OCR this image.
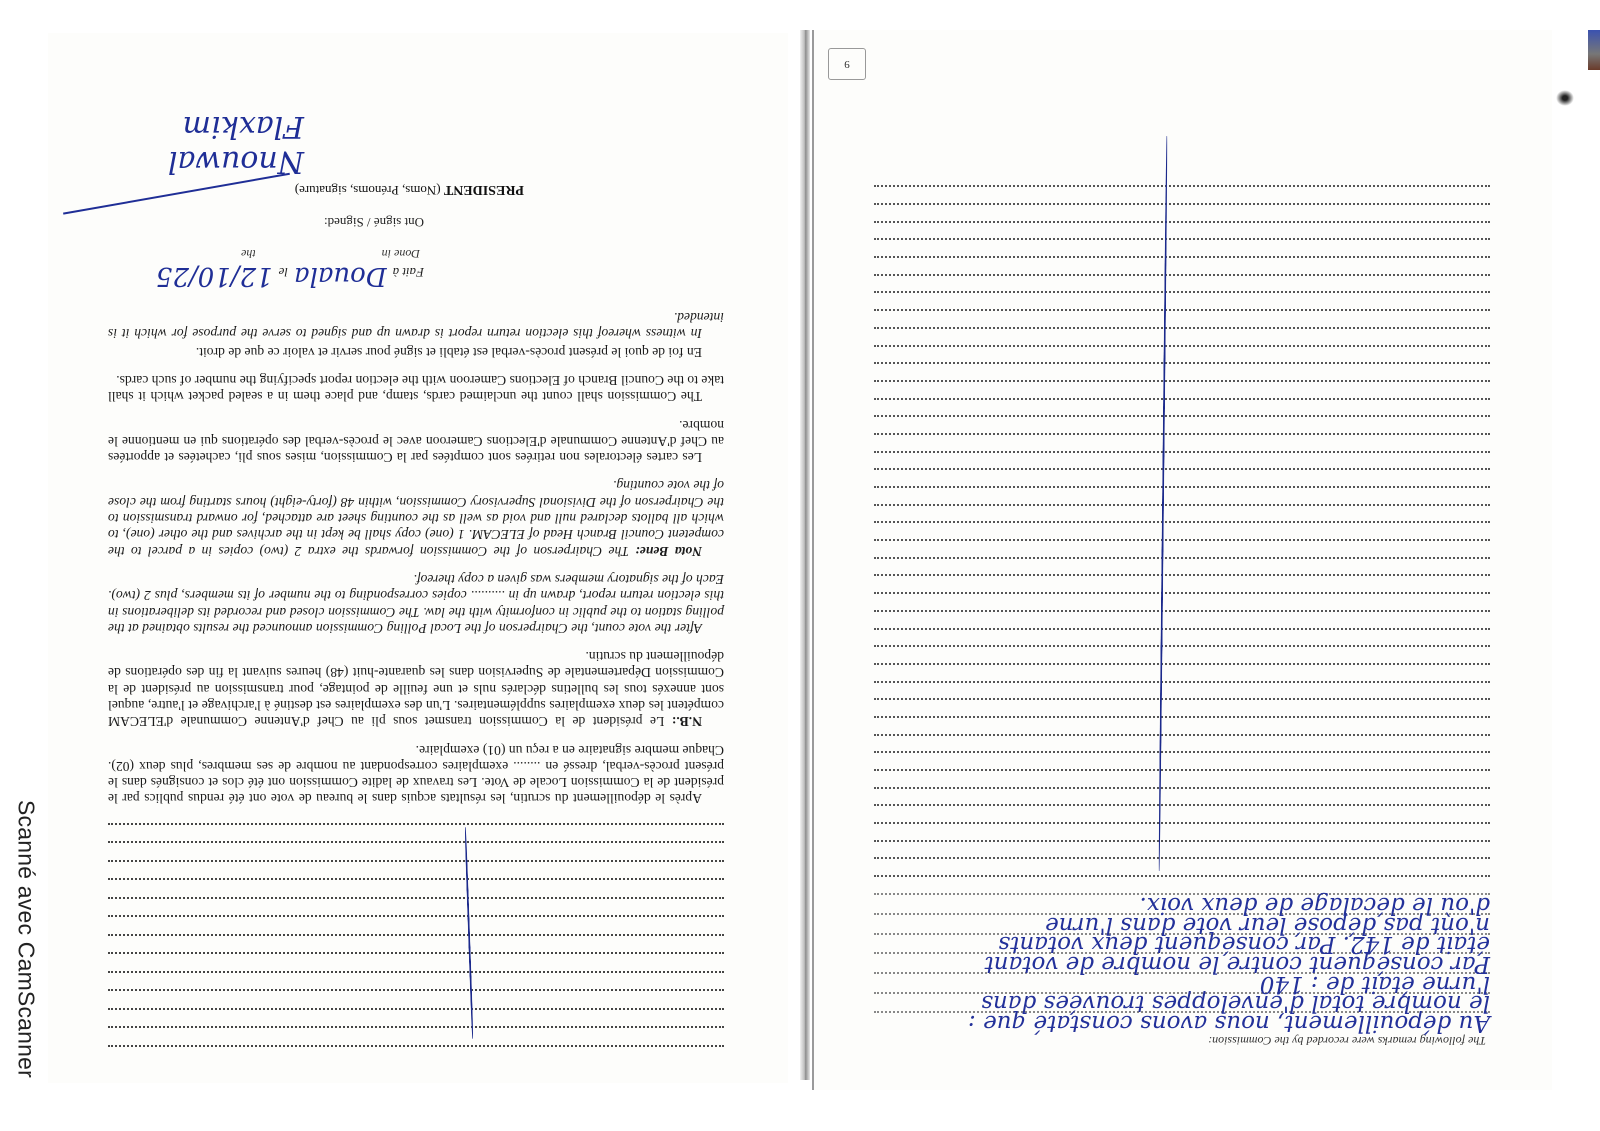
Scanné avec CamScanner

Après le dépouillement du scrutin, les résultats acquis dans le bureau de vote ont été rendus publics par le président de la Commission Locale de Vote. Les travaux de ladite Commission ont été clos et consignés dans le présent procès-verbal, dressé en ........ exemplaires correspondant au nombre de ses membres, plus deux (02). Chaque membre signataire en a reçu un (01) exemplaire.

N.B.: Le président de la Commission transmet sous pli au Chef d'Antenne Communale d'ELECAM compétent les deux exemplaires supplémentaires. L'un des exemplaires est destiné à l'archivage et l'autre, auquel sont annexés tous les bulletins déclarés nuls et une feuille de pointage, pour transmission au président de la Commission Départementale de Supervision dans les quarante-huit (48) heures suivant la fin des opérations de dépouillement du scrutin.

After the vote count, the Chairperson of the Local Polling Commission announced the results obtained at the polling station to the public in conformity with the law. The Commission closed and recorded its deliberations in this election return report, drawn up in .......... copies corresponding to the number of its members, plus 2 (two). Each of the signatory members was given a copy thereof.

Nota Bene: The Chairperson of the Commission forwards the extra 2 (two) copies in a parcel to the competent Council Branch Head of ELECAM. 1 (one) copy shall be kept in the archives and the other (one), to which all ballots declared null and void as well as the counting sheet are attached, for onward transmission to the Chairperson of the Divisional Supervisory Commission, within 48 (forty-eight) hours starting from the close of the vote counting.

Les cartes électorales non retirées sont comptées par la Commission, mises sous pli, cachetées et apportées au Chef d'Antenne Communale d'Elections Cameroon avec le procès-verbal des opérations qui en mentionne le nombre.

The Commission shall count the unclaimed cards, stamp, and place them in a sealed packet which it shall take to the Council Branch of Elections Cameroon with the election report specifying the number of such cards.

En foi de quoi le présent procès-verbal est établi et signé pour servir et valoir ce que de droit.

In witness whereof this election return report is drawn up and signed to serve the purpose for which it is intended.

Fait à
Douala
le
12/10/25
Done in
the
Ont signé / Signed:
PRESIDENT (Noms, Prénoms, signature)
Nnouwal Flaxkim
The following remarks were recorded by the Commission:
Au dépouillement, nous avons constaté que :
le nombre total d'enveloppes trouvées dans
l'urne était de : 140
Par conséquent contre le nombre de votant
était de 142. Par conséquent deux votants
n'ont pas déposé leur vote dans l'urne
d'où le décalage de deux voix.
9
